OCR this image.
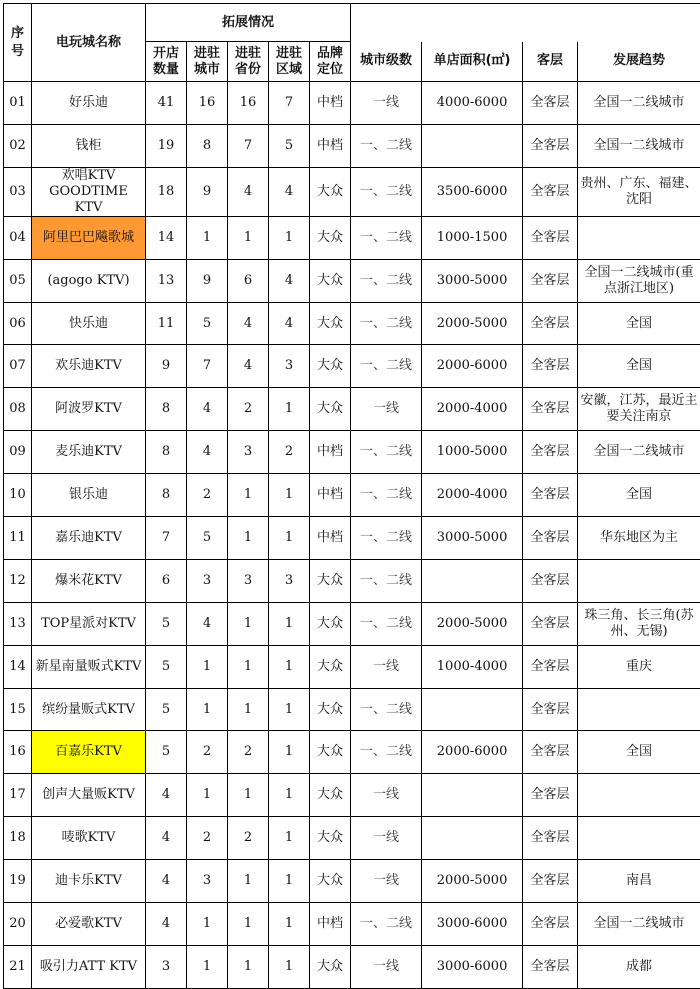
序号	电玩城名称	拓展情况								
		开店数量	进驻城市	进驻省份	进驻区域	品牌定位	城市级数	单店面积(㎡)	客层	发展趋势
01	好乐迪	41	16	16	7	中档	一线	4000-6000	全客层	全国一二线城市
02	钱柜	19	8	7	5	中档	一、二线		全客层	全国一二线城市
03	欢唱KTV GOODTIME KTV	18	9	4	4	大众	一、二线	3500-6000	全客层	贵州、广东、福建、沈阳
04	阿里巴巴飚歌城	14	1	1	1	大众	一、二线	1000-1500	全客层	
05	(agogo KTV)	13	9	6	4	大众	一、二线	3000-5000	全客层	全国一二线城市(重点浙江地区)
06	快乐迪	11	5	4	4	大众	一、二线	2000-5000	全客层	全国
07	欢乐迪KTV	9	7	4	3	大众	一、二线	2000-6000	全客层	全国
08	阿波罗KTV	8	4	2	1	大众	一线	2000-4000	全客层	安徽，江苏，最近主要关注南京
09	麦乐迪KTV	8	4	3	2	中档	一、二线	1000-5000	全客层	全国一二线城市
10	银乐迪	8	2	1	1	中档	一、二线	2000-4000	全客层	全国
11	嘉乐迪KTV	7	5	1	1	中档	一、二线	3000-5000	全客层	华东地区为主
12	爆米花KTV	6	3	3	3	大众	一、二线		全客层	
13	TOP星派对KTV	5	4	1	1	大众	一、二线	2000-5000	全客层	珠三角、长三角(苏州、无锡)
14	新星南量贩式KTV	5	1	1	1	大众	一线	1000-4000	全客层	重庆
15	缤纷量贩式KTV	5	1	1	1	大众	一、二线		全客层	
16	百嘉乐KTV	5	2	2	1	大众	一、二线	2000-6000	全客层	全国
17	创声大量贩KTV	4	1	1	1	大众	一线		全客层	
18	唛歌KTV	4	2	2	1	大众	一线		全客层	
19	迪卡乐KTV	4	3	1	1	大众	一线	2000-5000	全客层	南昌
20	必爱歌KTV	4	1	1	1	中档	一、二线	3000-6000	全客层	全国一二线城市
21	吸引力ATT KTV	3	1	1	1	大众	一线	3000-6000	全客层	成都
